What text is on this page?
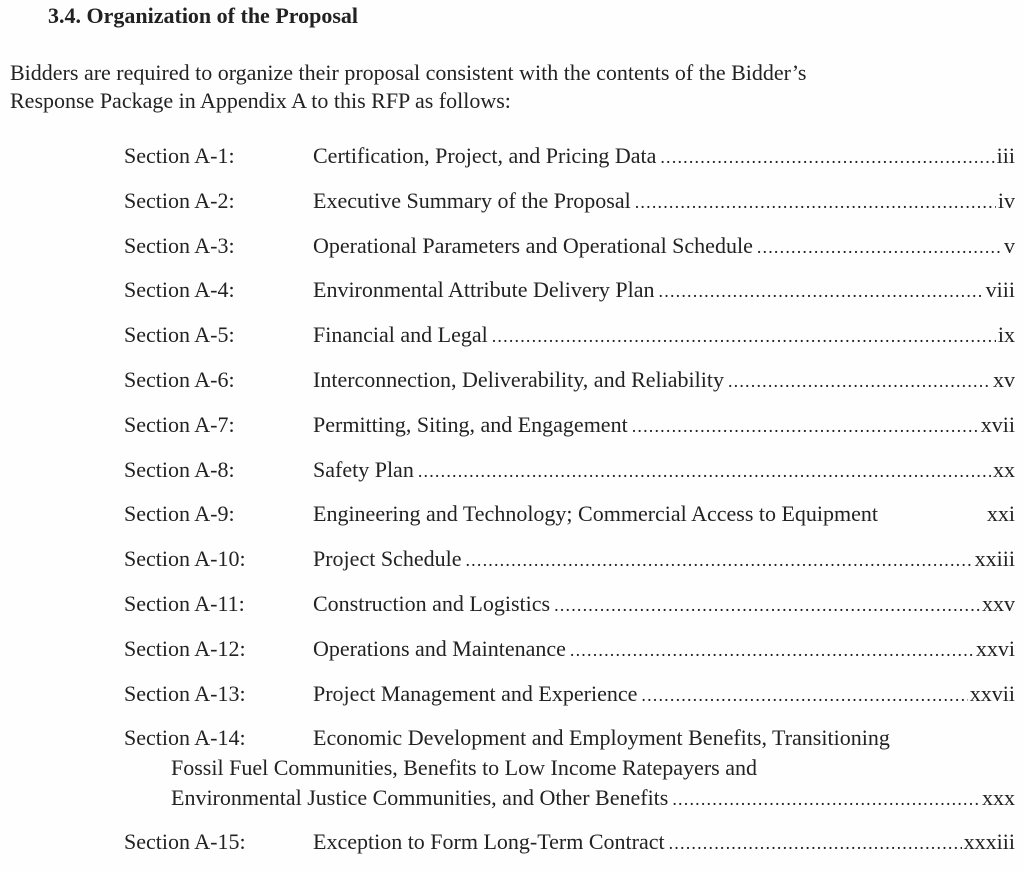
3.4. Organization of the Proposal
Bidders are required to organize their proposal consistent with the contents of the Bidder’s
Response Package in Appendix A to this RFP as follows:
Section A-1:	Certification, Project, and Pricing Data .....	iii
Section A-2:	Executive Summary of the Proposal .....	iv
Section A-3:	Operational Parameters and Operational Schedule .....	v
Section A-4:	Environmental Attribute Delivery Plan .....	viii
Section A-5:	Financial and Legal .....	ix
Section A-6:	Interconnection, Deliverability, and Reliability .....	xv
Section A-7:	Permitting, Siting, and Engagement .....	xvii
Section A-8:	Safety Plan .....	xx
Section A-9:	Engineering and Technology; Commercial Access to Equipment	xxi
Section A-10:	Project Schedule .....	xxiii
Section A-11:	Construction and Logistics .....	xxv
Section A-12:	Operations and Maintenance .....	xxvi
Section A-13:	Project Management and Experience .....	xxvii
Section A-14:	Economic Development and Employment Benefits, Transitioning
Fossil Fuel Communities, Benefits to Low Income Ratepayers and
Environmental Justice Communities, and Other Benefits .....	xxx
Section A-15:	Exception to Form Long-Term Contract .....	xxxiii
